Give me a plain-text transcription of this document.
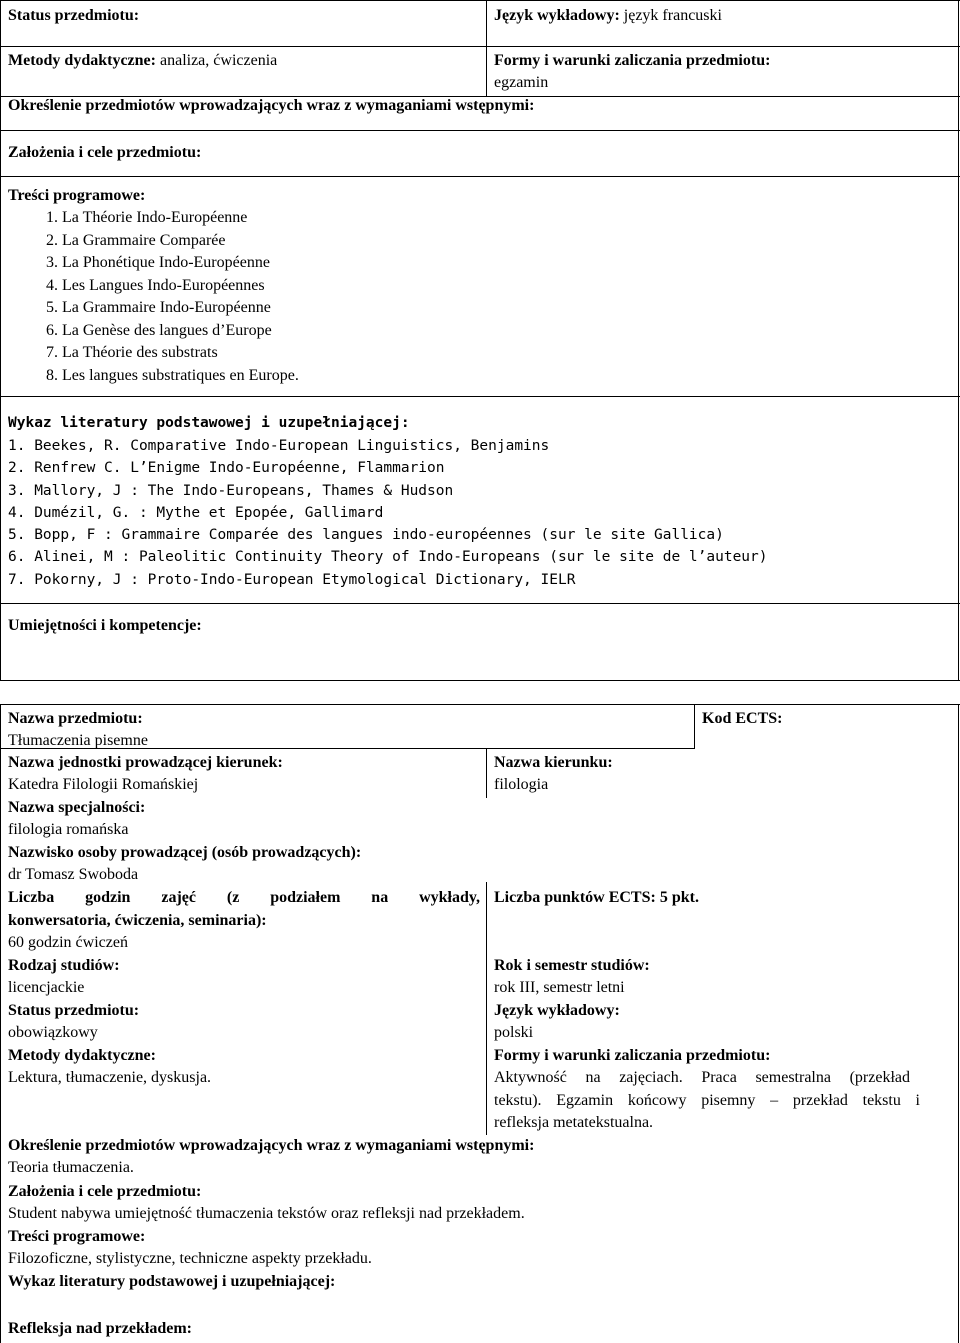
Status przedmiotu:	Język wykładowy: język francuski
Metody dydaktyczne: analiza, ćwiczenia	Formy i warunki zaliczania przedmiotu:
egzamin
Określenie przedmiotów wprowadzających wraz z wymaganiami wstępnymi:
Założenia i cele przedmiotu:
Treści programowe:
1. La Théorie Indo-Européenne
2. La Grammaire Comparée
3. La Phonétique Indo-Européenne
4. Les Langues Indo-Européennes
5. La Grammaire Indo-Européenne
6. La Genèse des langues d’Europe
7. La Théorie des substrats
8. Les langues substratiques en Europe.
Wykaz literatury podstawowej i uzupełniającej:
1. Beekes, R. Comparative Indo-European Linguistics, Benjamins
2. Renfrew C. L’Enigme Indo-Européenne, Flammarion
3. Mallory, J : The Indo-Europeans, Thames & Hudson
4. Dumézil, G. : Mythe et Epopée, Gallimard
5. Bopp, F : Grammaire Comparée des langues indo-européennes (sur le site Gallica)
6. Alinei, M : Paleolitic Continuity Theory of Indo-Europeans (sur le site de l’auteur)
7. Pokorny, J : Proto-Indo-European Etymological Dictionary, IELR
Umiejętności i kompetencje:
Nazwa przedmiotu:
Tłumaczenia pisemne
Kod ECTS:
Nazwa jednostki prowadzącej kierunek:
Katedra Filologii Romańskiej
Nazwa kierunku:
filologia
Nazwa specjalności:
filologia romańska
Nazwisko osoby prowadzącej (osób prowadzących):
dr Tomasz Swoboda
Liczba godzin zajęć (z podziałem na wykłady,
konwersatoria, ćwiczenia, seminaria):
60 godzin ćwiczeń
Liczba punktów ECTS: 5 pkt.
Rodzaj studiów:
licencjackie
Rok i semestr studiów:
rok III, semestr letni
Status przedmiotu:
obowiązkowy
Język wykładowy:
polski
Metody dydaktyczne:
Lektura, tłumaczenie, dyskusja.
Formy i warunki zaliczania przedmiotu:
Aktywność na zajęciach. Praca semestralna (przekład
tekstu). Egzamin końcowy pisemny – przekład tekstu i
refleksja metatekstualna.
Określenie przedmiotów wprowadzających wraz z wymaganiami wstępnymi:
Teoria tłumaczenia.
Założenia i cele przedmiotu:
Student nabywa umiejętność tłumaczenia tekstów oraz refleksji nad przekładem.
Treści programowe:
Filozoficzne, stylistyczne, techniczne aspekty przekładu.
Wykaz literatury podstawowej i uzupełniającej:
Refleksja nad przekładem:
